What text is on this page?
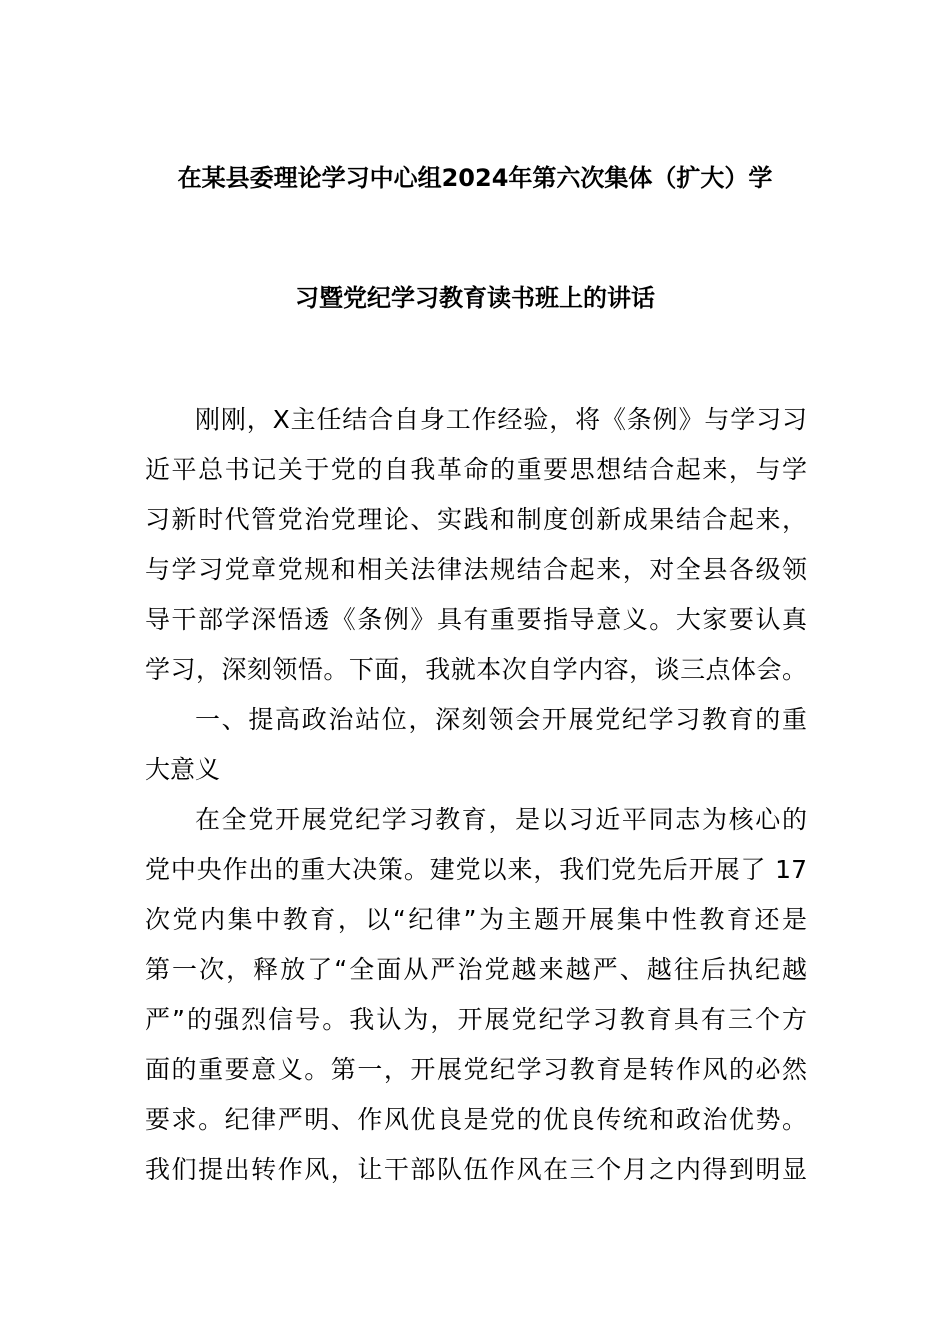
在某县委理论学习中心组2024年第六次集体（扩大）学
习暨党纪学习教育读书班上的讲话
刚刚，X主任结合自身工作经验，将《条例》与学习习
近平总书记关于党的自我革命的重要思想结合起来，与学
习新时代管党治党理论、实践和制度创新成果结合起来，
与学习党章党规和相关法律法规结合起来，对全县各级领
导干部学深悟透《条例》具有重要指导意义。大家要认真
学习，深刻领悟。下面，我就本次自学内容，谈三点体会。
一、提高政治站位，深刻领会开展党纪学习教育的重
大意义
在全党开展党纪学习教育，是以习近平同志为核心的
党中央作出的重大决策。建党以来，我们党先后开展了 17
次党内集中教育，以“纪律”为主题开展集中性教育还是
第一次，释放了“全面从严治党越来越严、越往后执纪越
严”的强烈信号。我认为，开展党纪学习教育具有三个方
面的重要意义。第一，开展党纪学习教育是转作风的必然
要求。纪律严明、作风优良是党的优良传统和政治优势。
我们提出转作风，让干部队伍作风在三个月之内得到明显
